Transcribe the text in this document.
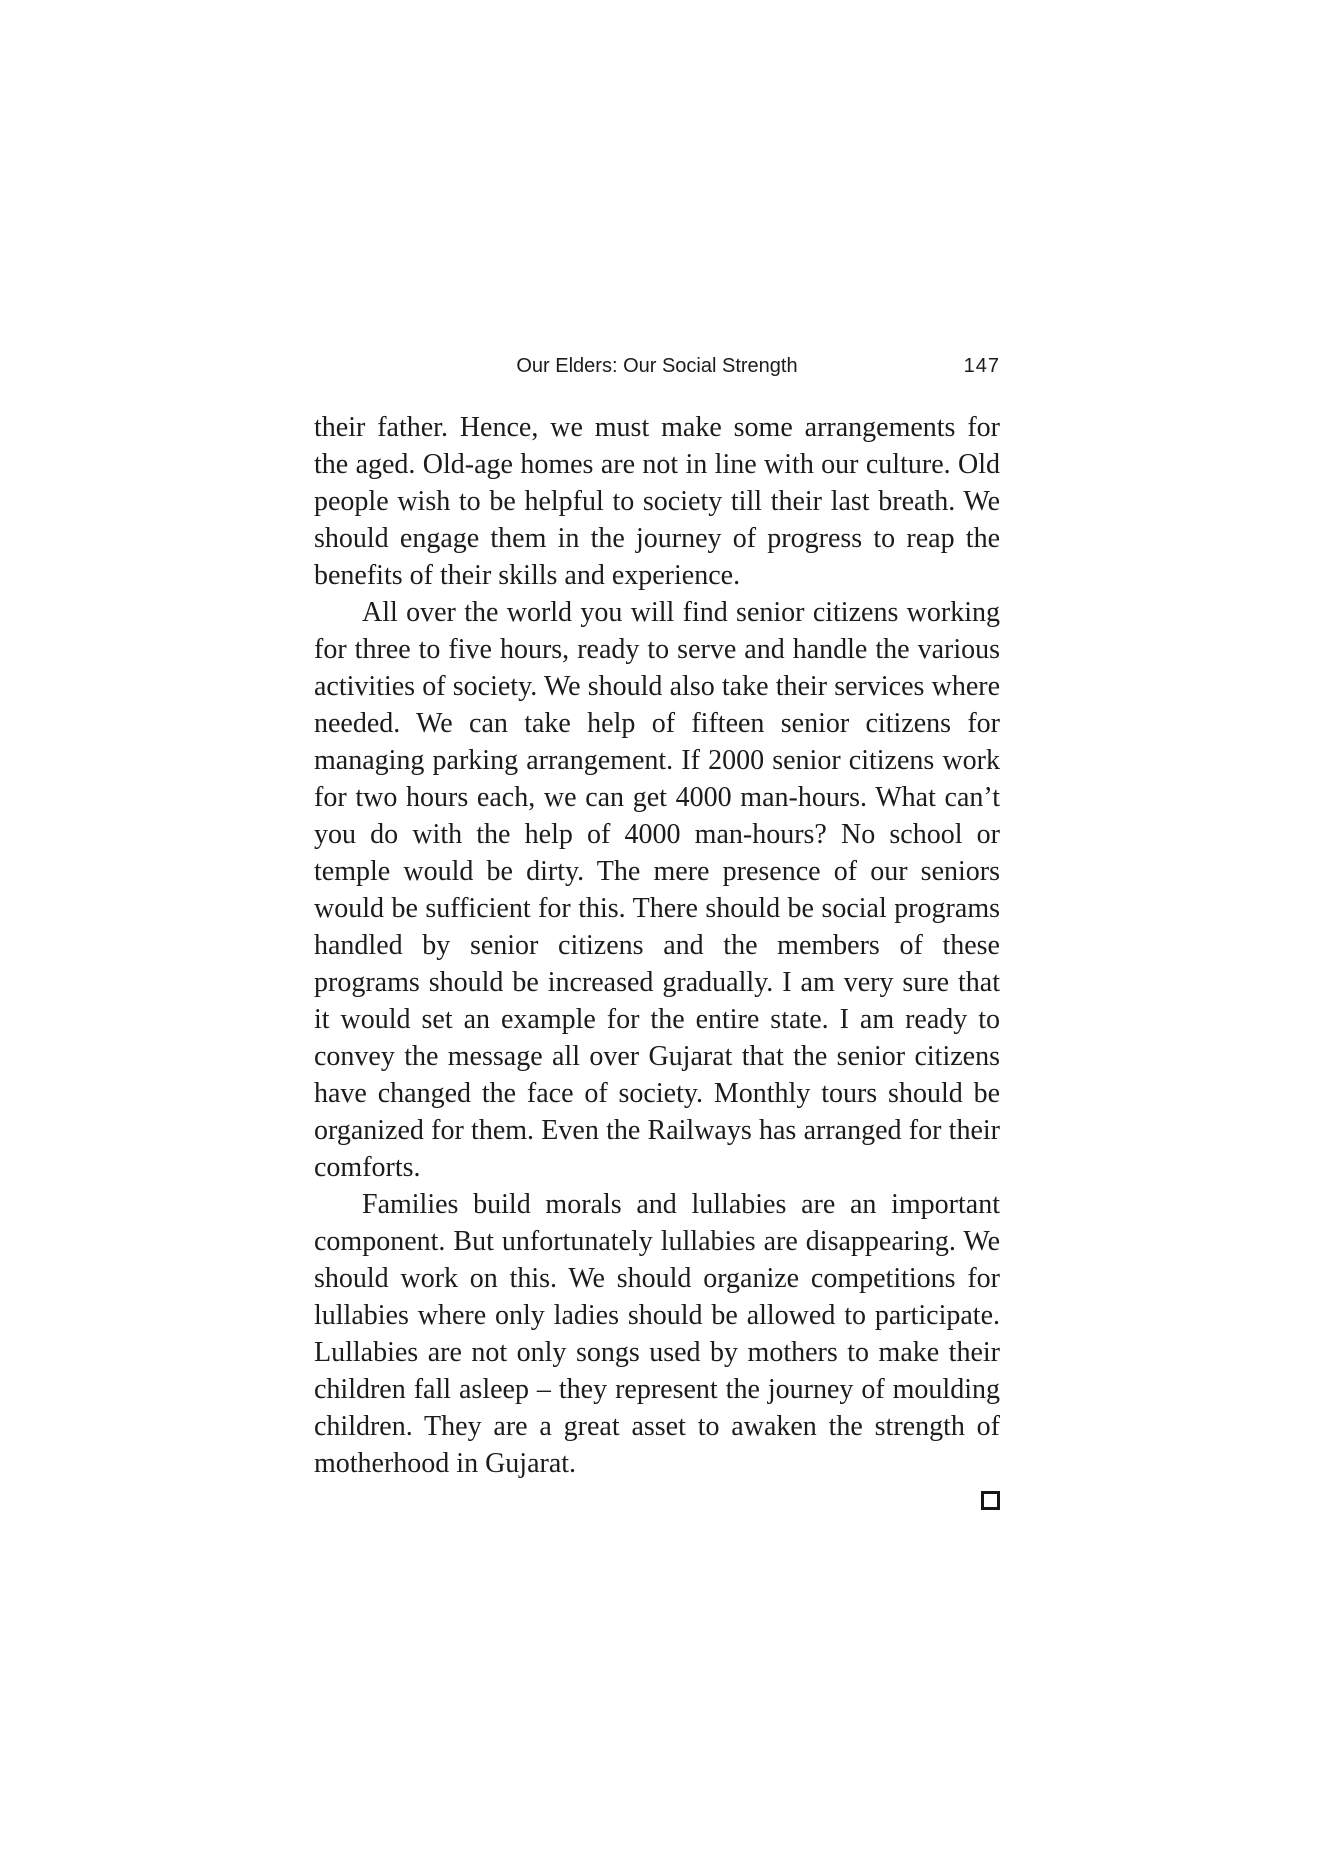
Our Elders: Our Social Strength	147

their father. Hence, we must make some arrangements for the aged. Old-age homes are not in line with our culture. Old people wish to be helpful to society till their last breath. We should engage them in the journey of progress to reap the benefits of their skills and experience.

All over the world you will find senior citizens working for three to five hours, ready to serve and handle the various activities of society. We should also take their services where needed. We can take help of fifteen senior citizens for managing parking arrangement. If 2000 senior citizens work for two hours each, we can get 4000 man-hours. What can’t you do with the help of 4000 man-hours? No school or temple would be dirty. The mere presence of our seniors would be sufficient for this. There should be social programs handled by senior citizens and the members of these programs should be increased gradually. I am very sure that it would set an example for the entire state. I am ready to convey the message all over Gujarat that the senior citizens have changed the face of society. Monthly tours should be organized for them. Even the Railways has arranged for their comforts.

Families build morals and lullabies are an important component. But unfortunately lullabies are disappearing. We should work on this. We should organize competitions for lullabies where only ladies should be allowed to participate. Lullabies are not only songs used by mothers to make their children fall asleep – they represent the journey of moulding children. They are a great asset to awaken the strength of motherhood in Gujarat.
